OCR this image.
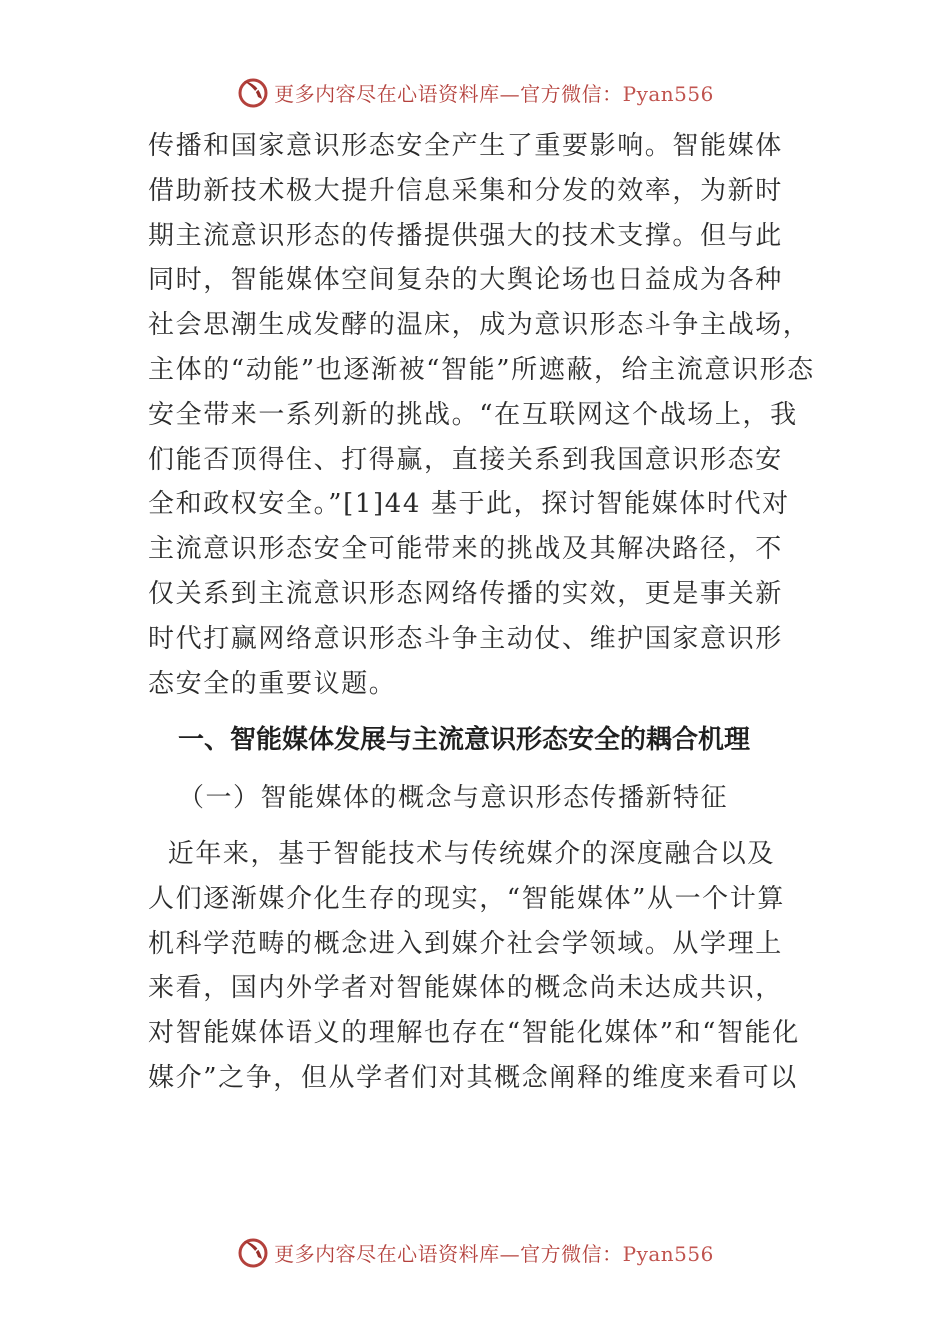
更多内容尽在心语资料库—官方微信：Pyan556
传播和国家意识形态安全产生了重要影响。智能媒体
借助新技术极大提升信息采集和分发的效率，为新时
期主流意识形态的传播提供强大的技术支撑。但与此
同时，智能媒体空间复杂的大舆论场也日益成为各种
社会思潮生成发酵的温床，成为意识形态斗争主战场，
主体的“动能”也逐渐被“智能”所遮蔽，给主流意识形态
安全带来一系列新的挑战。“在互联网这个战场上，我
们能否顶得住、打得赢，直接关系到我国意识形态安
全和政权安全。”[1]44 基于此，探讨智能媒体时代对
主流意识形态安全可能带来的挑战及其解决路径，不
仅关系到主流意识形态网络传播的实效，更是事关新
时代打赢网络意识形态斗争主动仗、维护国家意识形
态安全的重要议题。
一、智能媒体发展与主流意识形态安全的耦合机理
（一）智能媒体的概念与意识形态传播新特征
近年来，基于智能技术与传统媒介的深度融合以及
人们逐渐媒介化生存的现实，“智能媒体”从一个计算
机科学范畴的概念进入到媒介社会学领域。从学理上
来看，国内外学者对智能媒体的概念尚未达成共识，
对智能媒体语义的理解也存在“智能化媒体”和“智能化
媒介”之争，但从学者们对其概念阐释的维度来看可以
更多内容尽在心语资料库—官方微信：Pyan556
